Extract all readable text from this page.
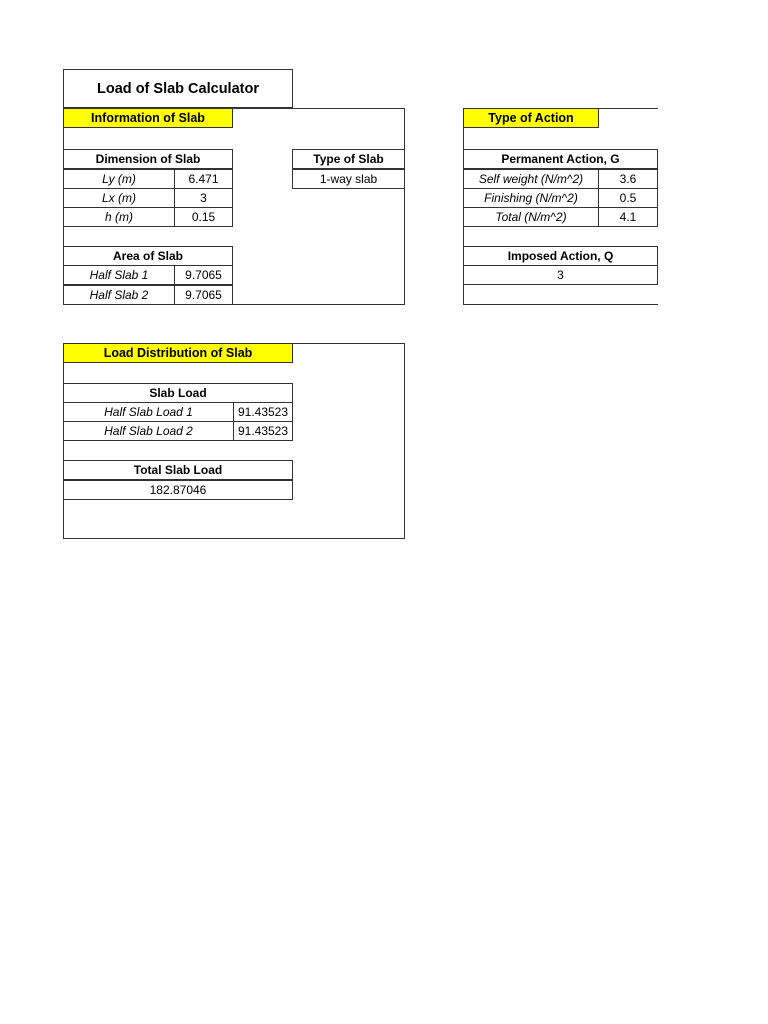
Load of Slab Calculator
Information of Slab
Dimension of Slab
Ly (m)	6.471
Lx (m)	3
h (m)	0.15
Type of Slab
1-way slab
Area of Slab
Half Slab 1	9.7065
Half Slab 2	9.7065
Type of Action
Permanent Action, G
Self weight (N/m^2)	3.6
Finishing (N/m^2)	0.5
Total (N/m^2)	4.1
Imposed Action, Q
3
Load Distribution of Slab
Slab Load
Half Slab Load 1	91.43523
Half Slab Load 2	91.43523
Total Slab Load
182.87046
